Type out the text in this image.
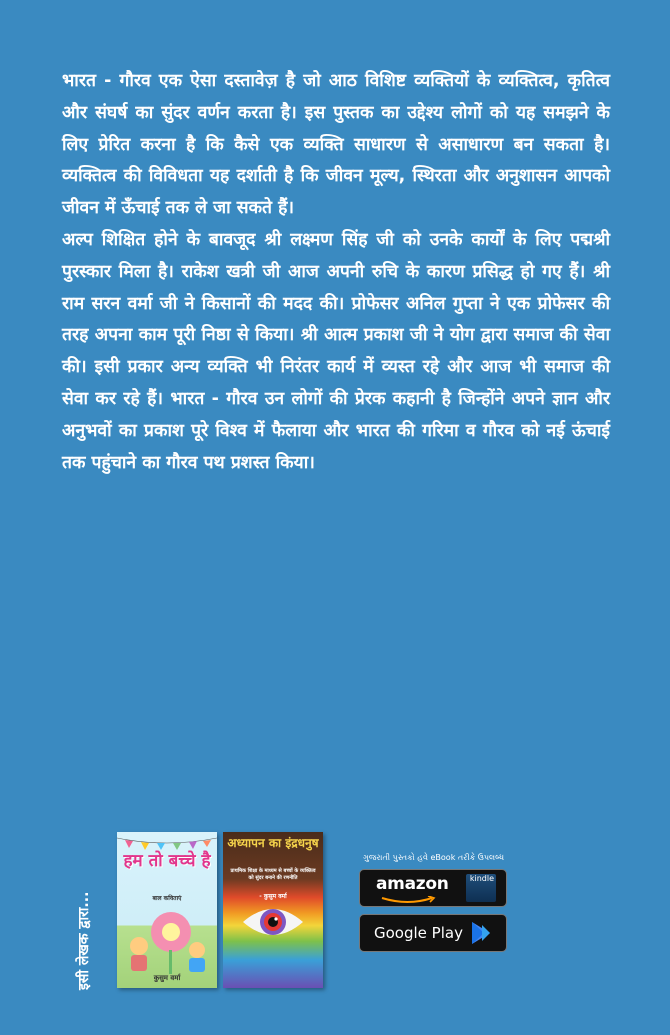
भारत - गौरव एक ऐसा दस्तावेज़ है जो आठ विशिष्ट व्यक्तियों के व्यक्तित्व, कृतित्व और संघर्ष का सुंदर वर्णन करता है। इस पुस्तक का उद्देश्य लोगों को यह समझने के लिए प्रेरित करना है कि कैसे एक व्यक्ति साधारण से असाधारण बन सकता है। व्यक्तित्व की विविधता यह दर्शाती है कि जीवन मूल्य, स्थिरता और अनुशासन आपको जीवन में ऊँचाई तक ले जा सकते हैं।

अल्प शिक्षित होने के बावजूद श्री लक्ष्मण सिंह जी को उनके कार्यों के लिए पद्मश्री पुरस्कार मिला है। राकेश खत्री जी आज अपनी रुचि के कारण प्रसिद्ध हो गए हैं। श्री राम सरन वर्मा जी ने किसानों की मदद की। प्रोफेसर अनिल गुप्ता ने एक प्रोफेसर की तरह अपना काम पूरी निष्ठा से किया। श्री आत्म प्रकाश जी ने योग द्वारा समाज की सेवा की। इसी प्रकार अन्य व्यक्ति भी निरंतर कार्य में व्यस्त रहे और आज भी समाज की सेवा कर रहे हैं। भारत - गौरव उन लोगों की प्रेरक कहानी है जिन्होंने अपने ज्ञान और अनुभवों का प्रकाश पूरे विश्व में फैलाया और भारत की गरिमा व गौरव को नई ऊंचाई तक पहुंचाने का गौरव पथ प्रशस्त किया।

इसी लेखक द्वारा...
हम तो बच्चे है
बाल कविताएं
कुसुम वर्मा
अध्यापन का इंद्रधनुष
प्राथमिक शिक्षा के माध्यम से बच्चों के व्यक्तित्व को सुंदर बनाने की रणनीति
- कुसुम वर्मा
ગુજરાતી પુસ્તકો હવે eBook તરીકે ઉપલબ્ધ
amazon	kindle
Google Play
